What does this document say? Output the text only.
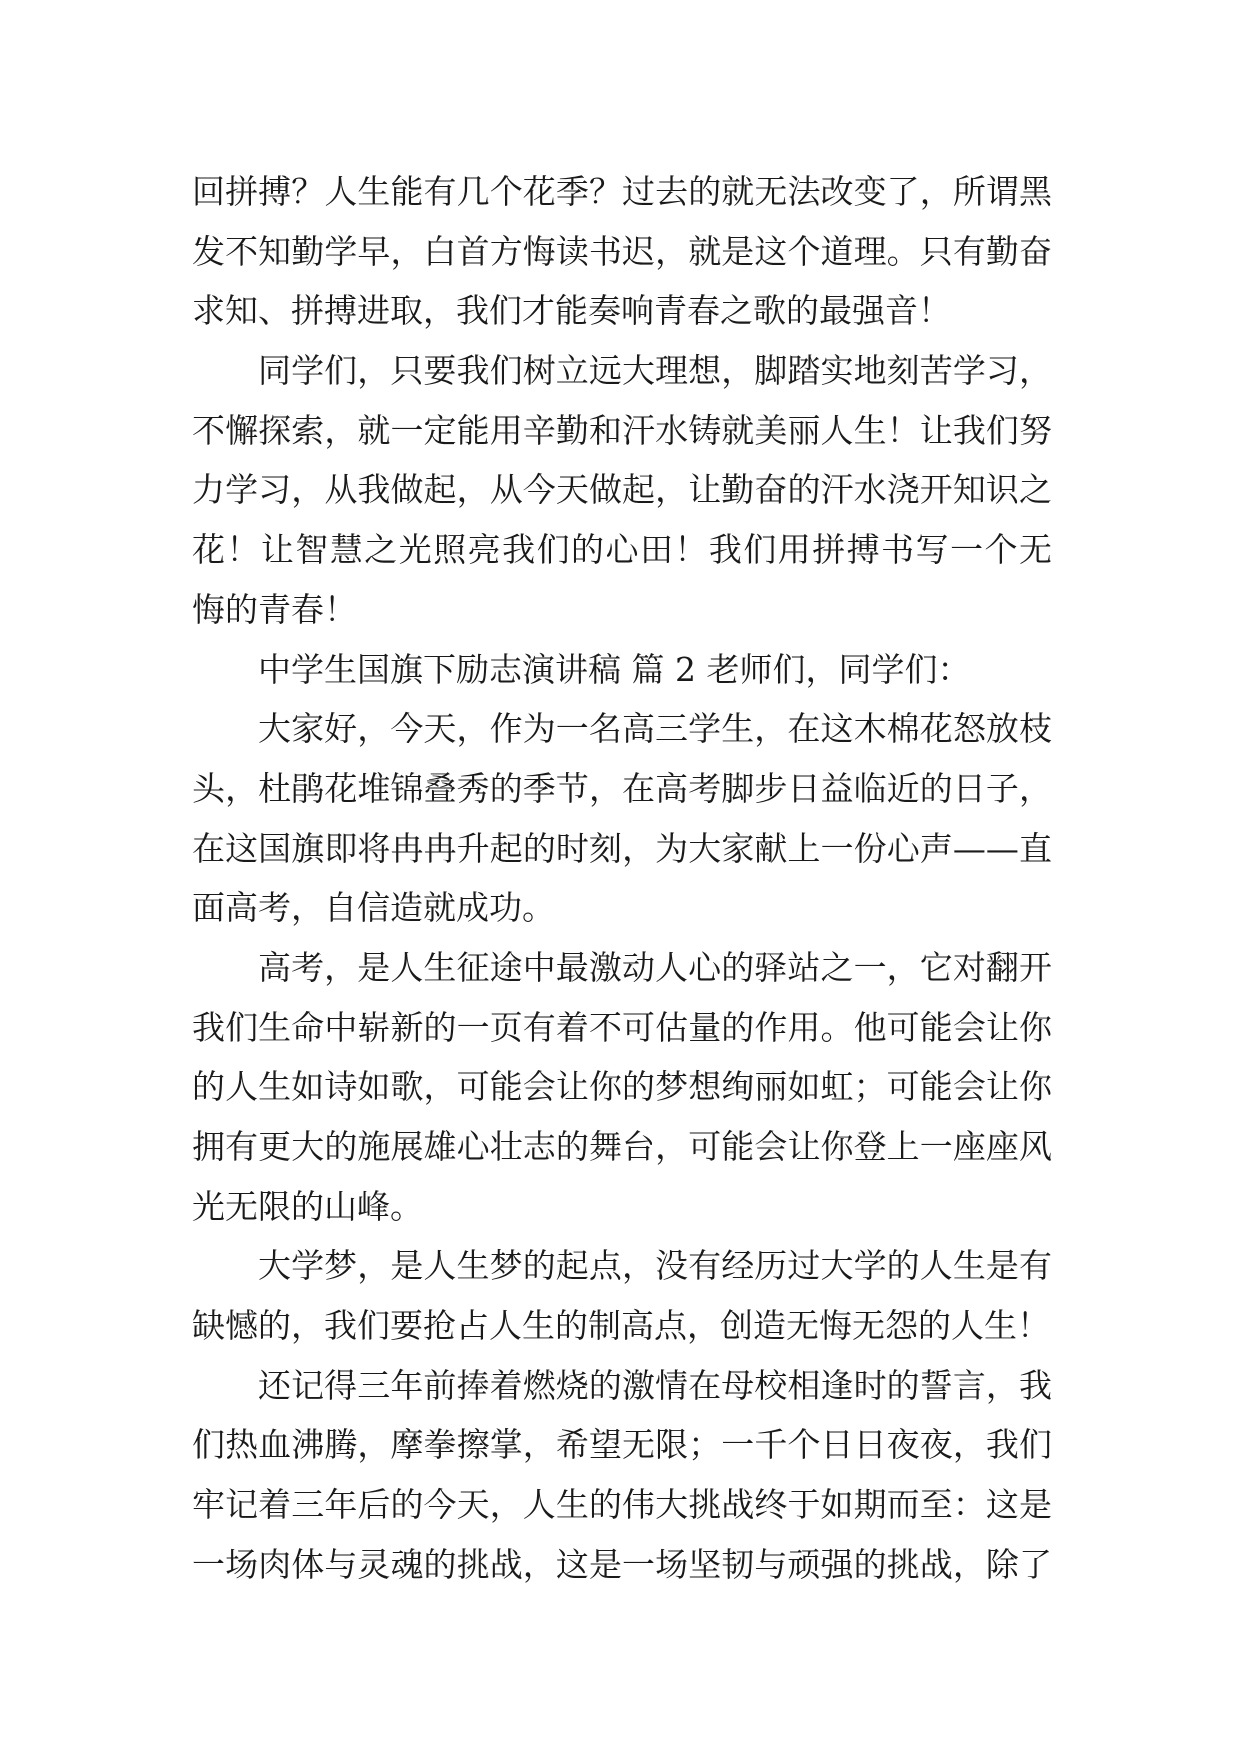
回拼搏？人生能有几个花季？过去的就无法改变了，所谓黑
发不知勤学早，白首方悔读书迟，就是这个道理。只有勤奋
求知、拼搏进取，我们才能奏响青春之歌的最强音！
同学们，只要我们树立远大理想，脚踏实地刻苦学习，
不懈探索，就一定能用辛勤和汗水铸就美丽人生！让我们努
力学习，从我做起，从今天做起，让勤奋的汗水浇开知识之
花！让智慧之光照亮我们的心田！我们用拼搏书写一个无
悔的青春！
中学生国旗下励志演讲稿 篇 2 老师们，同学们：
大家好，今天，作为一名高三学生，在这木棉花怒放枝
头，杜鹃花堆锦叠秀的季节，在高考脚步日益临近的日子，
在这国旗即将冉冉升起的时刻，为大家献上一份心声——直
面高考，自信造就成功。
高考，是人生征途中最激动人心的驿站之一，它对翻开
我们生命中崭新的一页有着不可估量的作用。他可能会让你
的人生如诗如歌，可能会让你的梦想绚丽如虹；可能会让你
拥有更大的施展雄心壮志的舞台，可能会让你登上一座座风
光无限的山峰。
大学梦，是人生梦的起点，没有经历过大学的人生是有
缺憾的，我们要抢占人生的制高点，创造无悔无怨的人生！
还记得三年前捧着燃烧的激情在母校相逢时的誓言，我
们热血沸腾，摩拳擦掌，希望无限；一千个日日夜夜，我们
牢记着三年后的今天，人生的伟大挑战终于如期而至：这是
一场肉体与灵魂的挑战，这是一场坚韧与顽强的挑战，除了
